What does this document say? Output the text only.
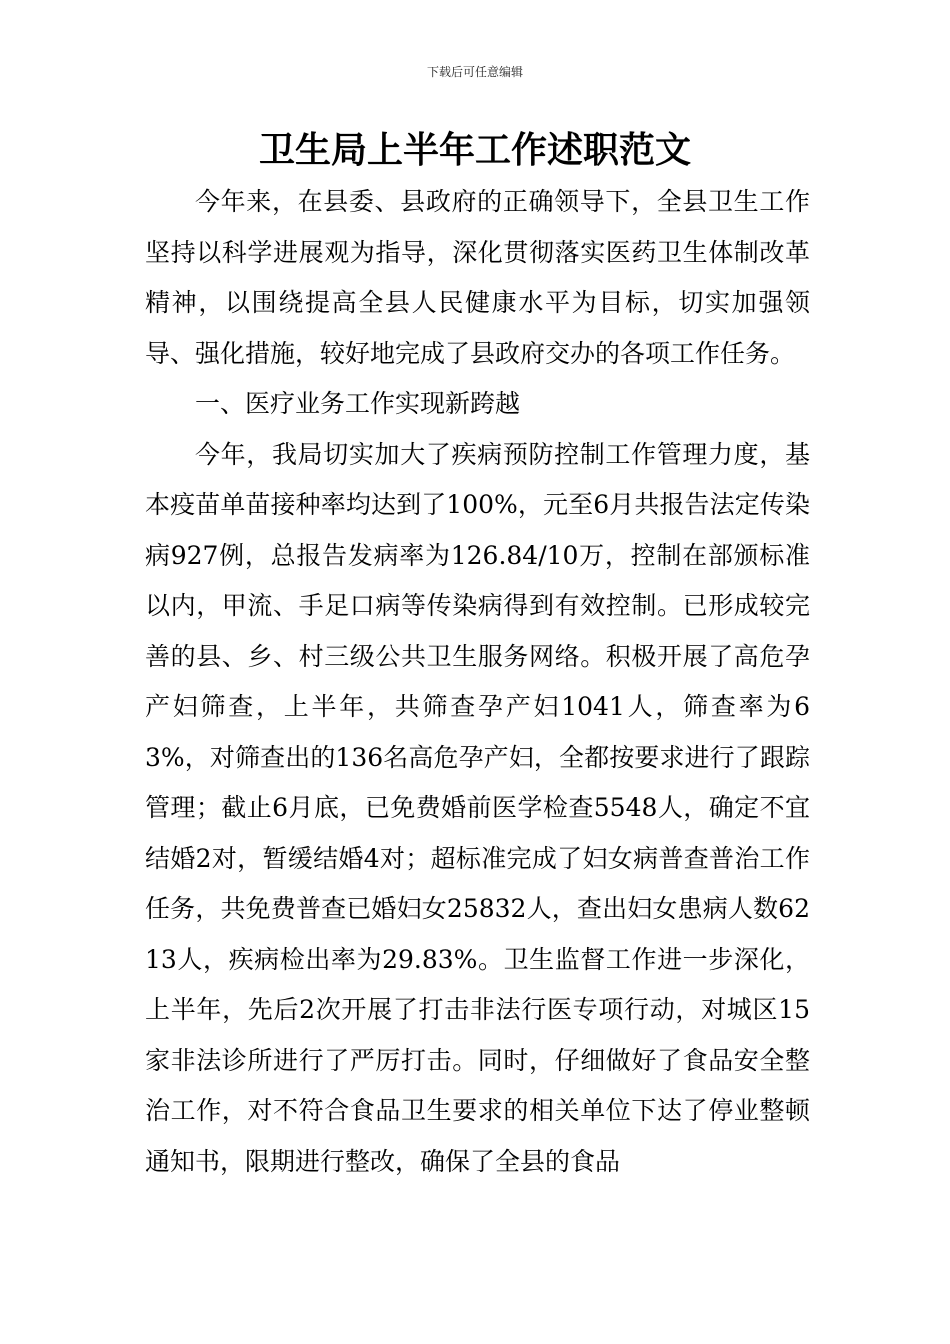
下载后可任意编辑
卫生局上半年工作述职范文

今年来，在县委、县政府的正确领导下，全县卫生工作坚持以科学进展观为指导，深化贯彻落实医药卫生体制改革精神，以围绕提高全县人民健康水平为目标，切实加强领导、强化措施，较好地完成了县政府交办的各项工作任务。

一、医疗业务工作实现新跨越

今年，我局切实加大了疾病预防控制工作管理力度，基本疫苗单苗接种率均达到了100%，元至6月共报告法定传染病927例，总报告发病率为126.84/10万，控制在部颁标准以内，甲流、手足口病等传染病得到有效控制。已形成较完善的县、乡、村三级公共卫生服务网络。积极开展了高危孕产妇筛查，上半年，共筛查孕产妇1041人，筛查率为63%，对筛查出的136名高危孕产妇，全都按要求进行了跟踪管理；截止6月底，已免费婚前医学检查5548人，确定不宜结婚2对，暂缓结婚4对；超标准完成了妇女病普查普治工作任务，共免费普查已婚妇女25832人，查出妇女患病人数6213人，疾病检出率为29.83%。卫生监督工作进一步深化，上半年，先后2次开展了打击非法行医专项行动，对城区15家非法诊所进行了严厉打击。同时，仔细做好了食品安全整治工作，对不符合食品卫生要求的相关单位下达了停业整顿通知书，限期进行整改，确保了全县的食品
